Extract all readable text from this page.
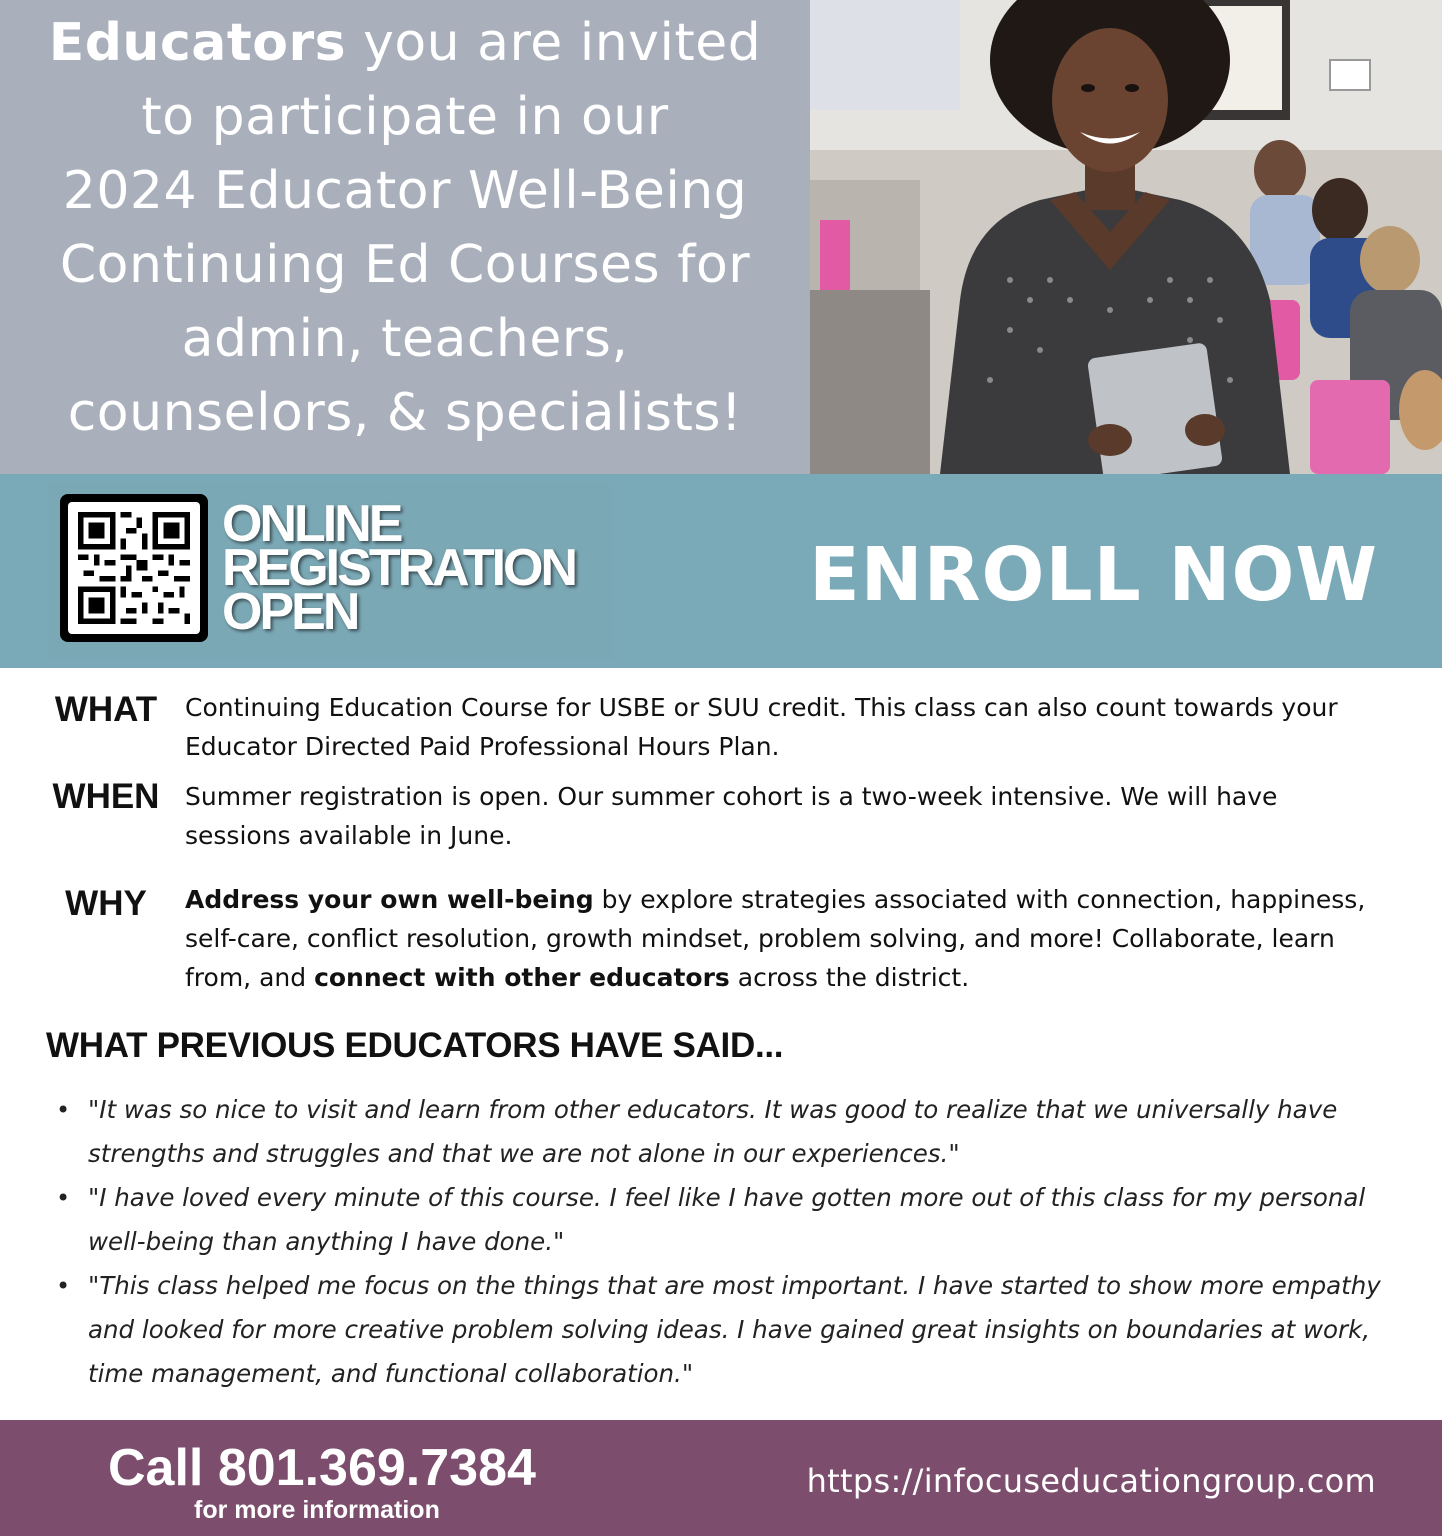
Educators you are invited
to participate in our
2024 Educator Well-Being
Continuing Ed Courses for
admin, teachers,
counselors, & specialists!
ONLINE
REGISTRATION
OPEN	ENROLL NOW
WHAT	Continuing Education Course for USBE or SUU credit. This class can also count towards your Educator Directed Paid Professional Hours Plan.
WHEN	Summer registration is open. Our summer cohort is a two-week intensive. We will have sessions available in June.
WHY	Address your own well-being by explore strategies associated with connection, happiness, self-care, conflict resolution, growth mindset, problem solving, and more! Collaborate, learn from, and connect with other educators across the district.
WHAT PREVIOUS EDUCATORS HAVE SAID...
• "It was so nice to visit and learn from other educators. It was good to realize that we universally have strengths and struggles and that we are not alone in our experiences."
• "I have loved every minute of this course. I feel like I have gotten more out of this class for my personal well-being than anything I have done."
• "This class helped me focus on the things that are most important. I have started to show more empathy and looked for more creative problem solving ideas. I have gained great insights on boundaries at work, time management, and functional collaboration."
Call 801.369.7384
for more information
https://infocuseducationgroup.com
